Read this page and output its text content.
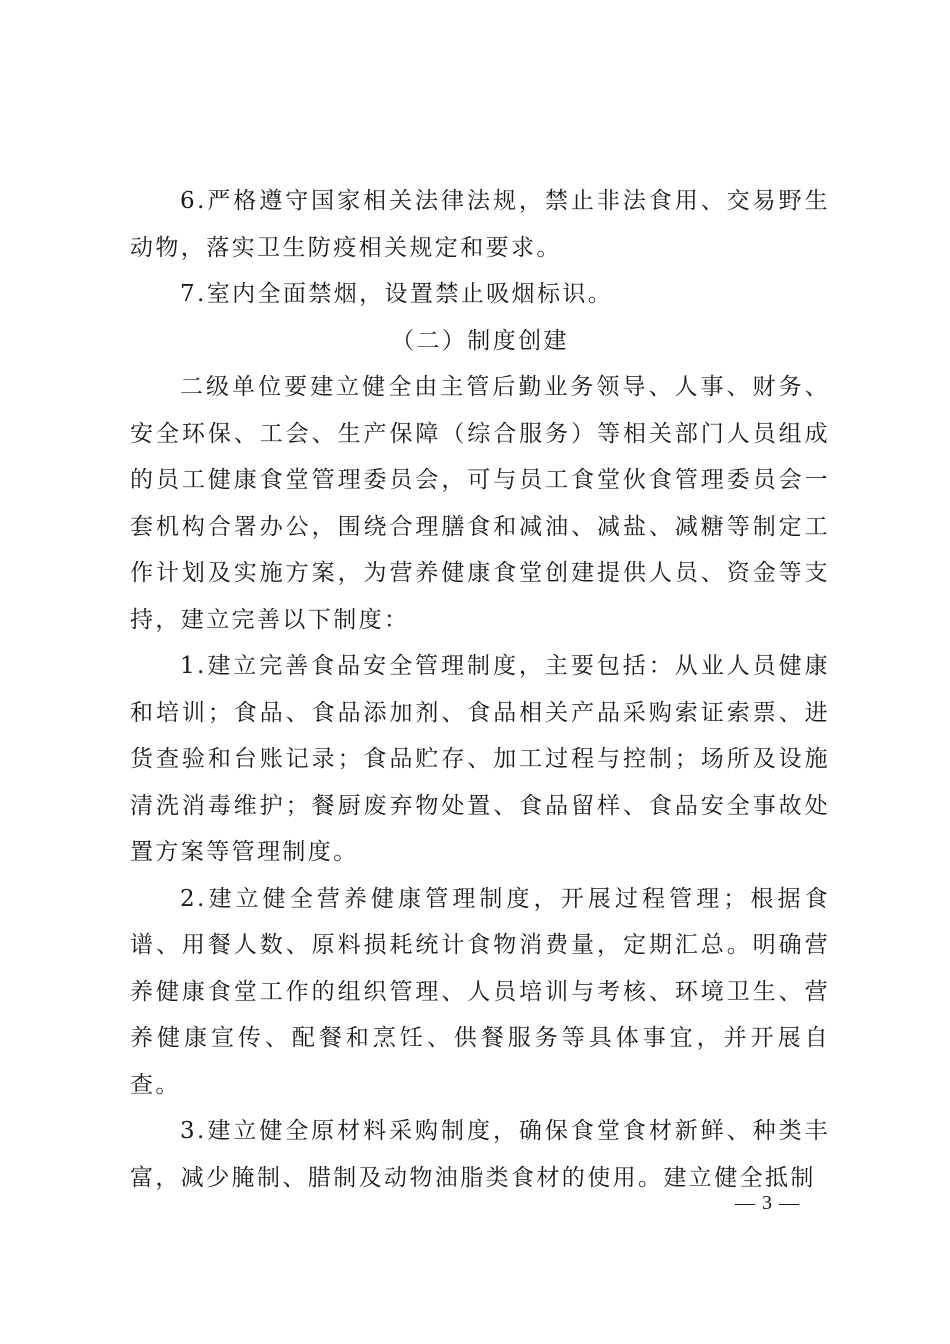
6.严格遵守国家相关法律法规，禁止非法食用、交易野生动物，落实卫生防疫相关规定和要求。

7.室内全面禁烟，设置禁止吸烟标识。

（二）制度创建

二级单位要建立健全由主管后勤业务领导、人事、财务、安全环保、工会、生产保障（综合服务）等相关部门人员组成的员工健康食堂管理委员会，可与员工食堂伙食管理委员会一套机构合署办公，围绕合理膳食和减油、减盐、减糖等制定工作计划及实施方案，为营养健康食堂创建提供人员、资金等支持，建立完善以下制度：

1.建立完善食品安全管理制度，主要包括：从业人员健康和培训；食品、食品添加剂、食品相关产品采购索证索票、进货查验和台账记录；食品贮存、加工过程与控制；场所及设施清洗消毒维护；餐厨废弃物处置、食品留样、食品安全事故处置方案等管理制度。

2.建立健全营养健康管理制度，开展过程管理；根据食谱、用餐人数、原料损耗统计食物消费量，定期汇总。明确营养健康食堂工作的组织管理、人员培训与考核、环境卫生、营养健康宣传、配餐和烹饪、供餐服务等具体事宜，并开展自查。

3.建立健全原材料采购制度，确保食堂食材新鲜、种类丰富，减少腌制、腊制及动物油脂类食材的使用。建立健全抵制

— 3 —
